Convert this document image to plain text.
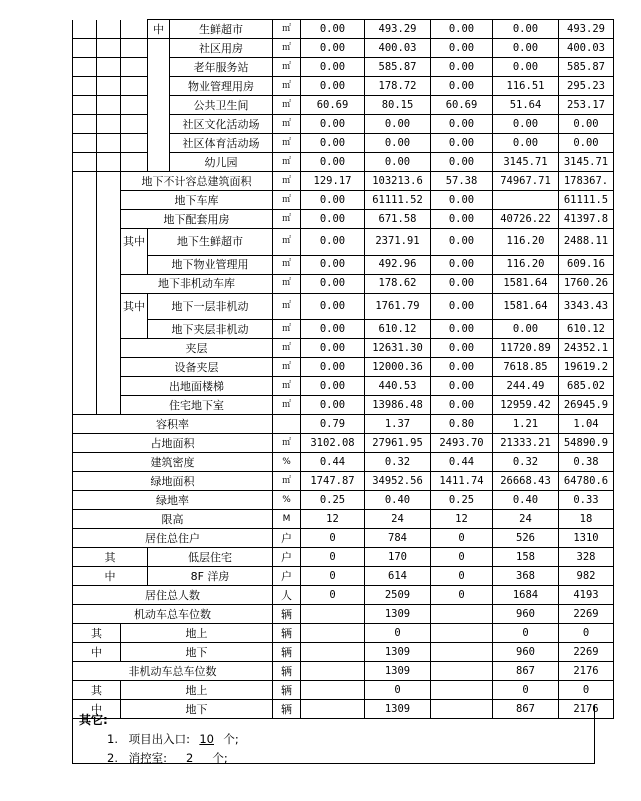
			中	生鲜超市	㎡	0.00	493.29	0.00	0.00	493.29
				社区用房	㎡	0.00	400.03	0.00	0.00	400.03
				老年服务站	㎡	0.00	585.87	0.00	0.00	585.87
				物业管理用房	㎡	0.00	178.72	0.00	116.51	295.23
				公共卫生间	㎡	60.69	80.15	60.69	51.64	253.17
				社区文化活动场	㎡	0.00	0.00	0.00	0.00	0.00
				社区体育活动场	㎡	0.00	0.00	0.00	0.00	0.00
				幼儿园	㎡	0.00	0.00	0.00	3145.71	3145.71
		地下不计容总建筑面积			㎡	129.17	103213.6	57.38	74967.71	178367.
		地下车库			㎡	0.00	61111.52	0.00		61111.5
		地下配套用房			㎡	0.00	671.58	0.00	40726.22	41397.8
		其中	地下生鲜超市		㎡	0.00	2371.91	0.00	116.20	2488.11
			地下物业管理用		㎡	0.00	492.96	0.00	116.20	609.16
		地下非机动车库			㎡	0.00	178.62	0.00	1581.64	1760.26
		其中	地下一层非机动		㎡	0.00	1761.79	0.00	1581.64	3343.43
			地下夹层非机动		㎡	0.00	610.12	0.00	0.00	610.12
		夹层			㎡	0.00	12631.30	0.00	11720.89	24352.1
		设备夹层			㎡	0.00	12000.36	0.00	7618.85	19619.2
		出地面楼梯			㎡	0.00	440.53	0.00	244.49	685.02
		住宅地下室			㎡	0.00	13986.48	0.00	12959.42	26945.9
容积率						0.79	1.37	0.80	1.21	1.04
占地面积					㎡	3102.08	27961.95	2493.70	21333.21	54890.9
建筑密度					%	0.44	0.32	0.44	0.32	0.38
绿地面积					㎡	1747.87	34952.56	1411.74	26668.43	64780.6
绿地率					%	0.25	0.40	0.25	0.40	0.33
限高					M	12	24	12	24	18
居住总住户					户	0	784	0	526	1310
其			低层住宅		户	0	170	0	158	328
中			8F 洋房		户	0	614	0	368	982
居住总人数					人	0	2509	0	1684	4193
机动车总车位数					辆		1309		960	2269
其		地上			辆		0		0	0
中		地下			辆		1309		960	2269
非机动车总车位数					辆		1309		867	2176
其		地上			辆		0		0	0
中		地下			辆		1309		867	2176
其它:
1. 项目出入口: 10 个;
2. 消控室: 2 个;
